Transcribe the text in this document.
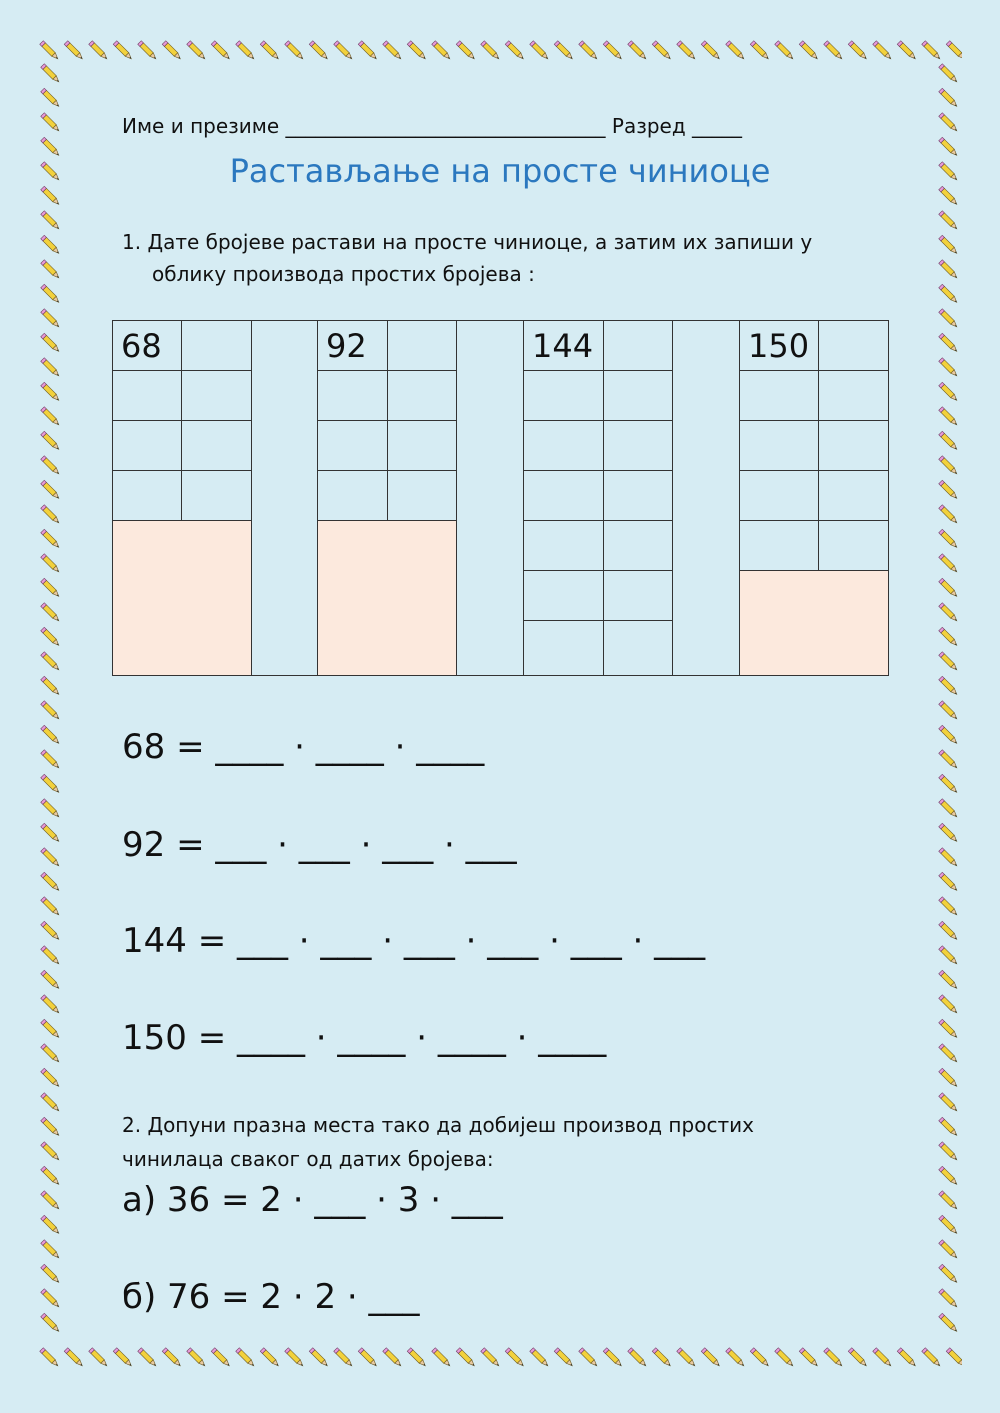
Име и презиме ________________________________ Разред _____
Растављање на просте чиниоце
1. Дате бројеве растави на просте чиниоце, а затим их запиши у
облику производа простих бројева :
68	92	144	150
68 = ____ · ____ · ____
92 = ___ · ___ · ___ · ___
144 = ___ · ___ · ___ · ___ · ___ · ___
150 = ____ · ____ · ____ · ____
2. Допуни празна места тако да добијеш производ простих
чинилаца сваког од датих бројева:
а) 36 = 2 · ___ · 3 · ___
б) 76 = 2 · 2 · ___
